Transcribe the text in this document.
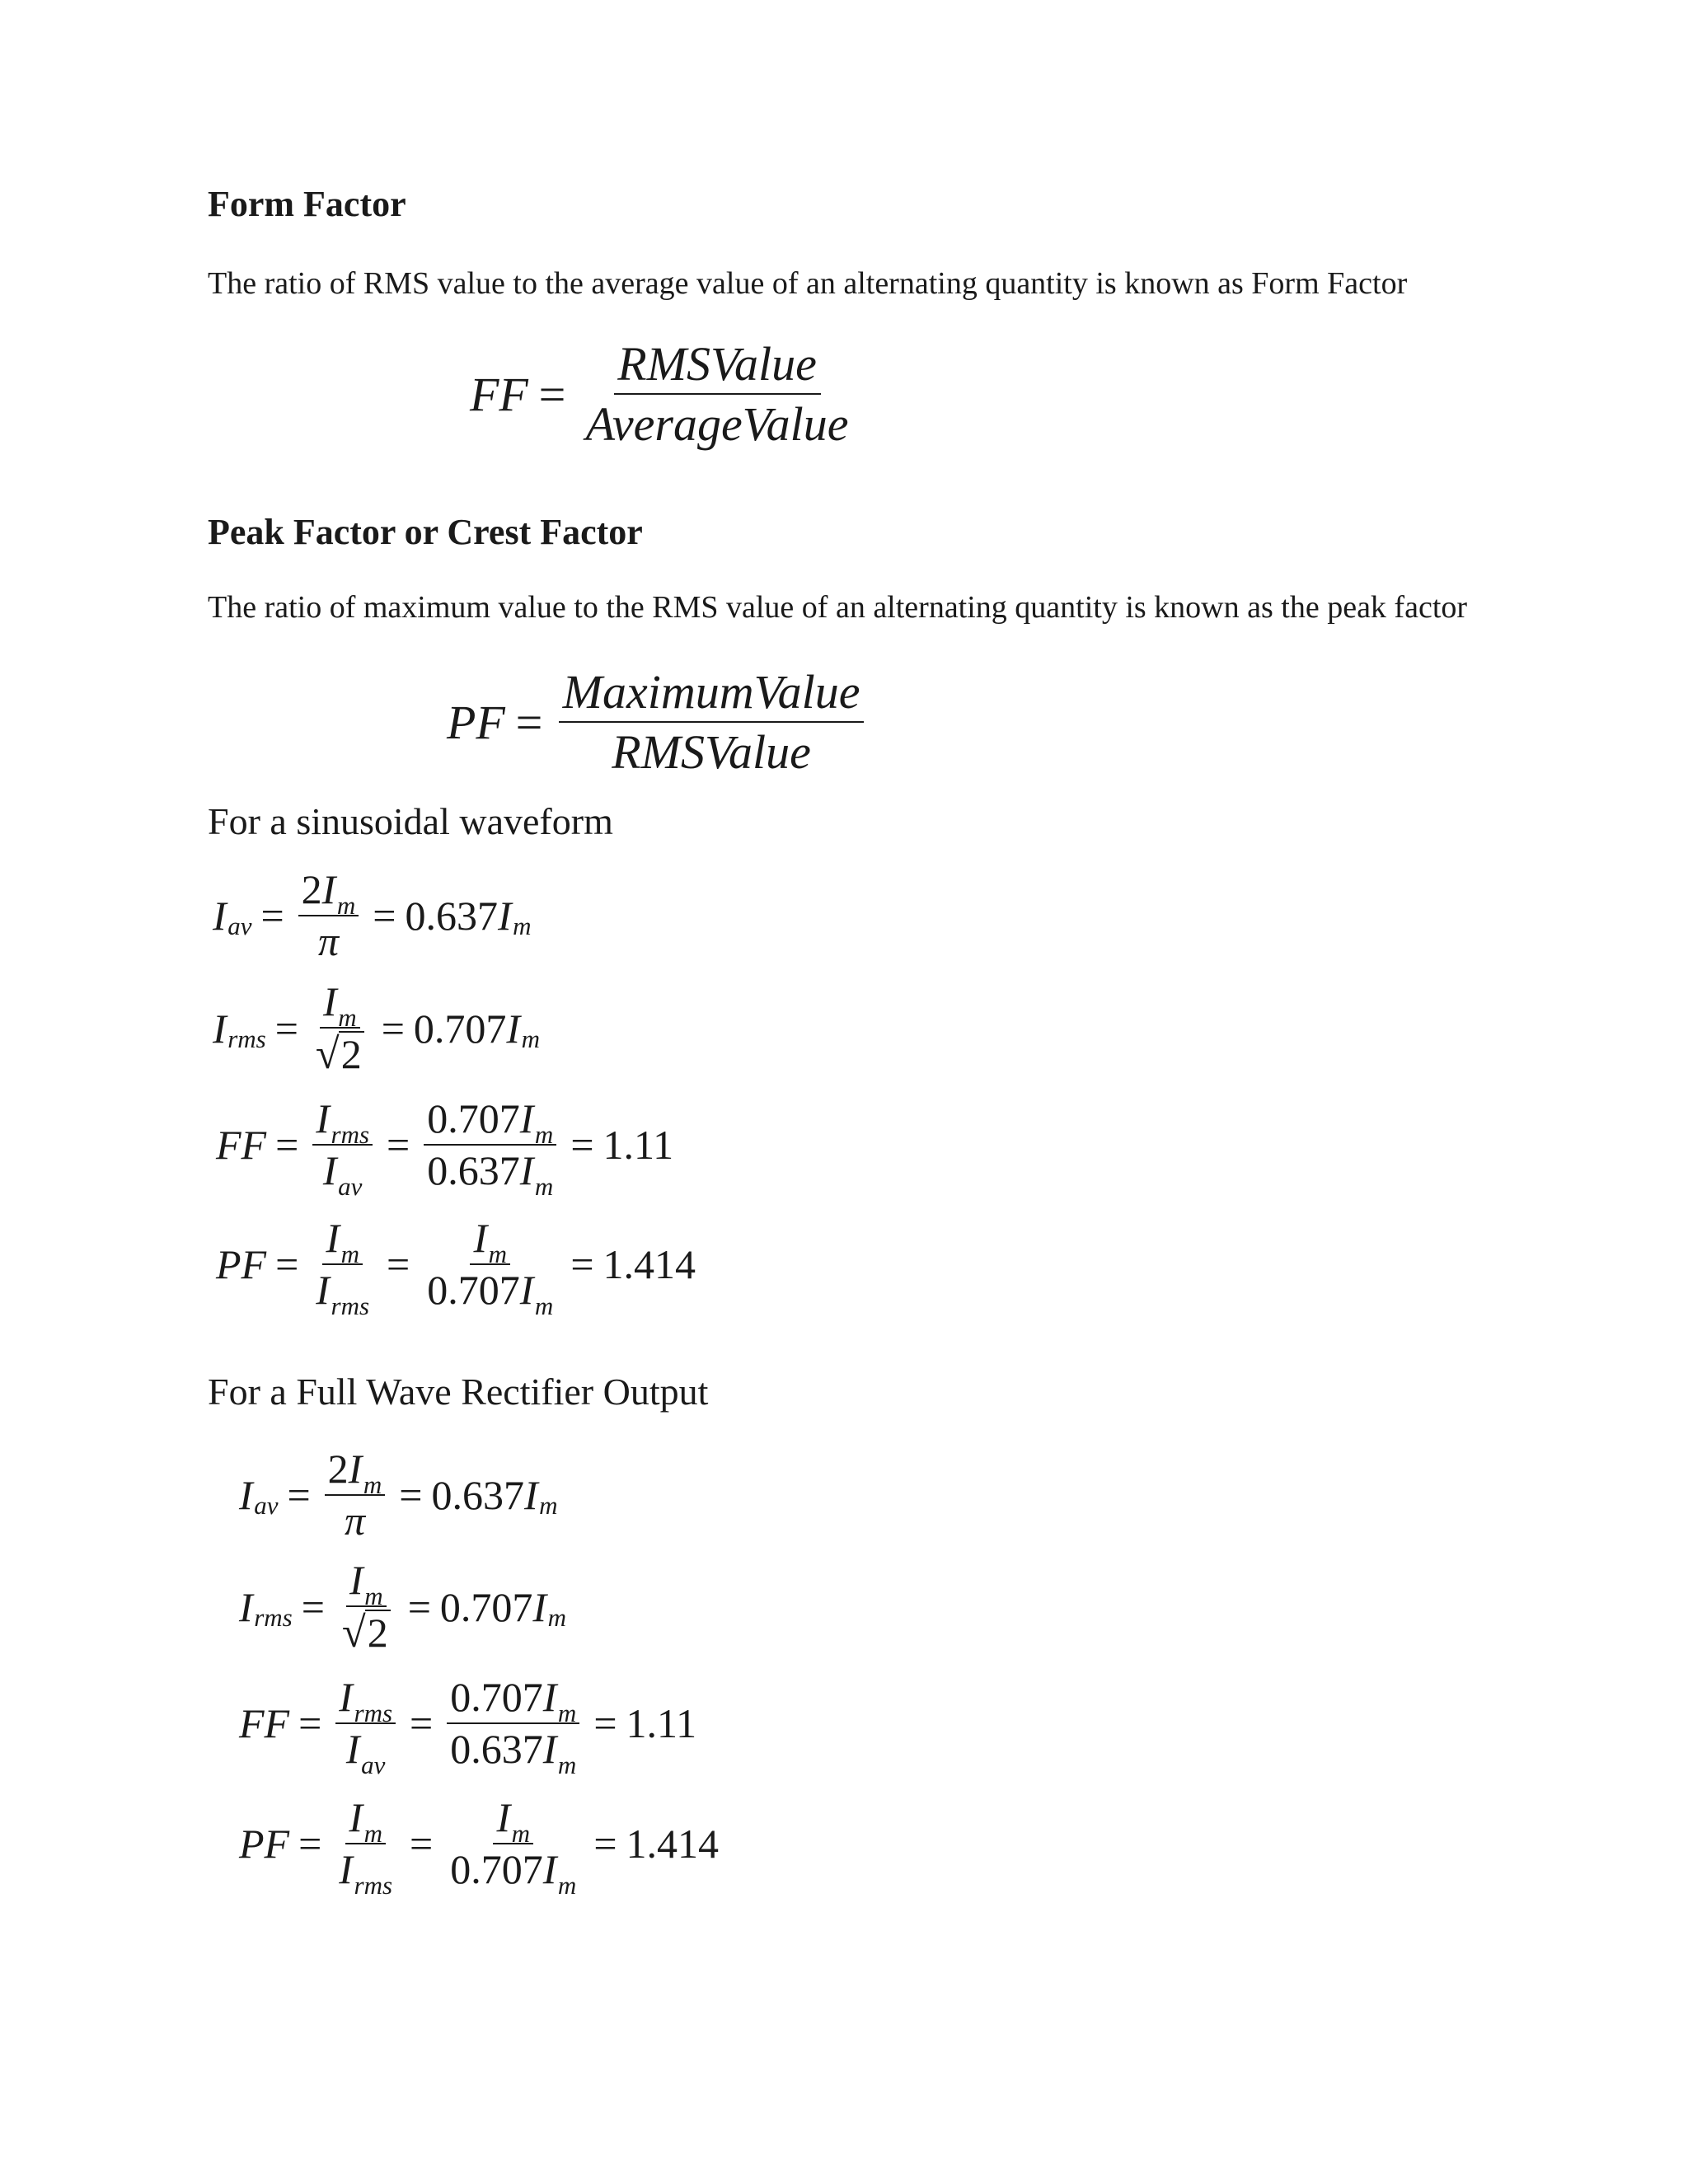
Form Factor
The ratio of RMS value to the average value of an alternating quantity is known as Form Factor
FF = $\frac{\text{RMSValue}}{\text{AverageValue}}$
Peak Factor or Crest Factor
The ratio of maximum value to the RMS value of an alternating quantity is known as the peak factor
PF = $\frac{\text{MaximumValue}}{\text{RMSValue}}$
For a sinusoidal waveform
I av = $\frac{2I_m}{\pi} = 0.637$ I m
I rms = $\frac{I_m}{√ 2} = 0.707$ I m
FF = $\frac{I_{rms}}{I_{av}} = \frac{0.707I_m}{0.637I_m} = 1.11$
PF = $\frac{I_m}{I_{rms}} = \frac{I_m}{0.707I_m} = 1.414$
For a Full Wave Rectifier Output
I av = $\frac{2I_m}{\pi} = 0.637$ I m
I rms = $\frac{I_m}{√ 2} = 0.707$ I m
FF = $\frac{I_{rms}}{I_{av}} = \frac{0.707I_m}{0.637I_m} = 1.11$
PF = $\frac{I_m}{I_{rms}} = \frac{I_m}{0.707I_m} = 1.414$
